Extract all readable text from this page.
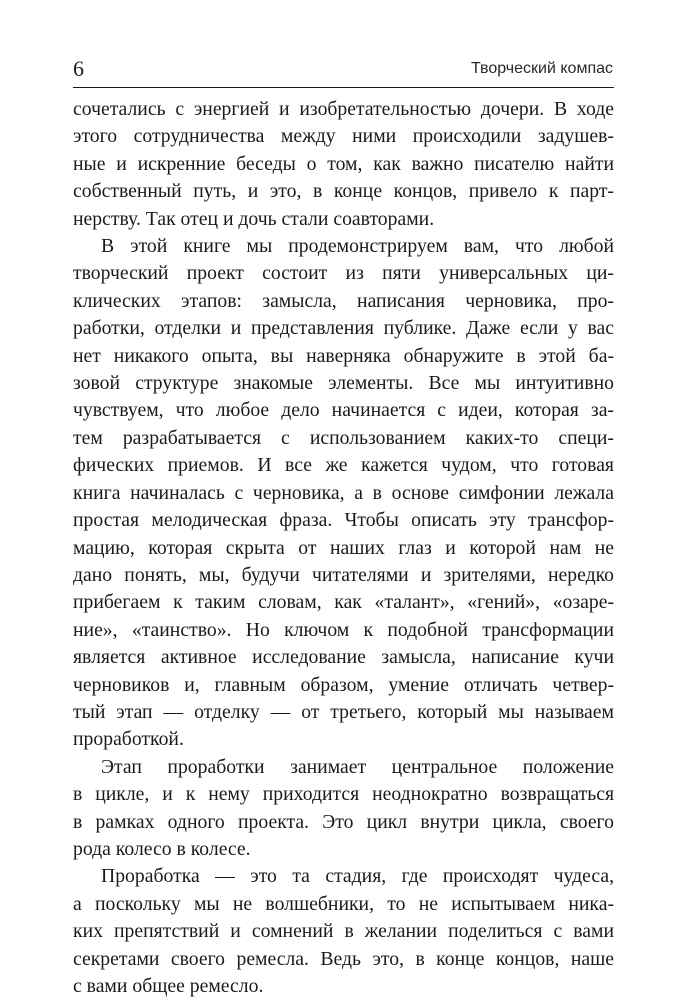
6	Творческий компас

сочетались с энергией и изобретательностью дочери. В ходе
этого сотрудничества между ними происходили задушев-
ные и искренние беседы о том, как важно писателю найти
собственный путь, и это, в конце концов, привело к парт-
нерству. Так отец и дочь стали соавторами.

В этой книге мы продемонстрируем вам, что любой
творческий проект состоит из пяти универсальных ци-
клических этапов: замысла, написания черновика, про-
работки, отделки и представления публике. Даже если у вас
нет никакого опыта, вы наверняка обнаружите в этой ба-
зовой структуре знакомые элементы. Все мы интуитивно
чувствуем, что любое дело начинается с идеи, которая за-
тем разрабатывается с использованием каких-то специ-
фических приемов. И все же кажется чудом, что готовая
книга начиналась с черновика, а в основе симфонии лежала
простая мелодическая фраза. Чтобы описать эту трансфор-
мацию, которая скрыта от наших глаз и которой нам не
дано понять, мы, будучи читателями и зрителями, нередко
прибегаем к таким словам, как «талант», «гений», «озаре-
ние», «таинство». Но ключом к подобной трансформации
является активное исследование замысла, написание кучи
черновиков и, главным образом, умение отличать четвер-
тый этап — отделку — от третьего, который мы называем
проработкой.

Этап проработки занимает центральное положение
в цикле, и к нему приходится неоднократно возвращаться
в рамках одного проекта. Это цикл внутри цикла, своего
рода колесо в колесе.

Проработка — это та стадия, где происходят чудеса,
а поскольку мы не волшебники, то не испытываем ника-
ких препятствий и сомнений в желании поделиться с вами
секретами своего ремесла. Ведь это, в конце концов, наше
с вами общее ремесло.
